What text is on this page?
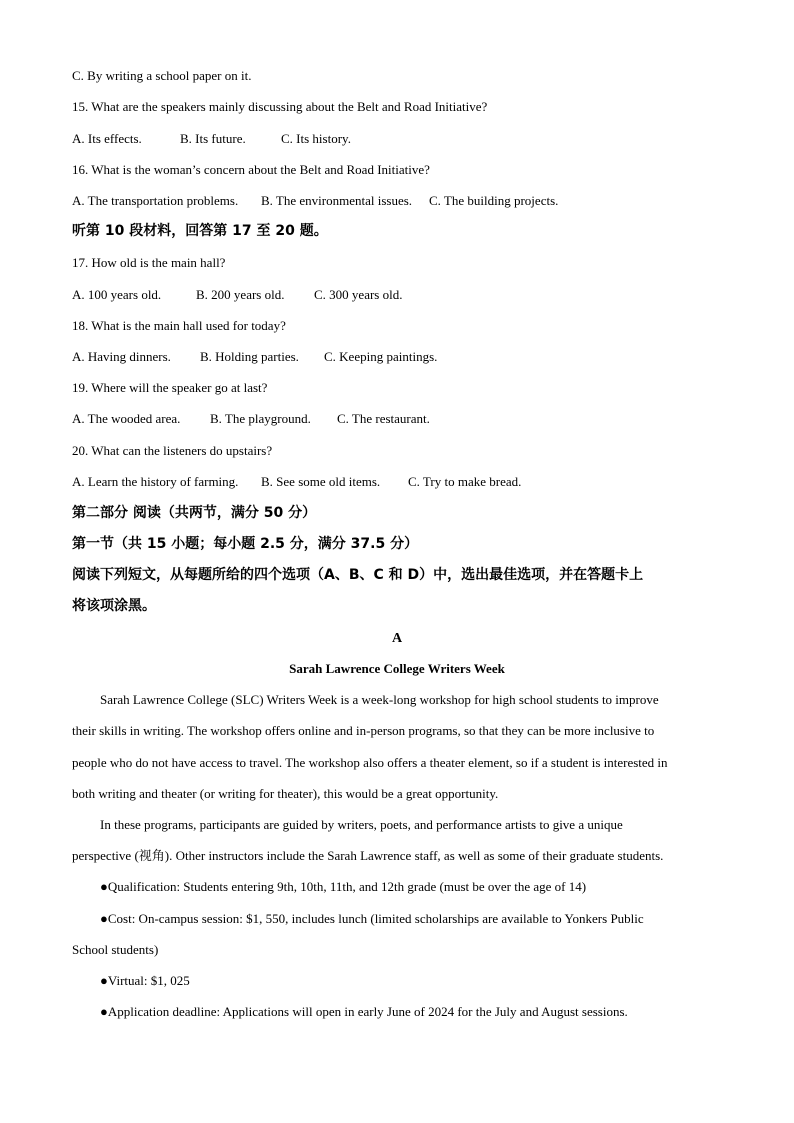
C. By writing a school paper on it.
15. What are the speakers mainly discussing about the Belt and Road Initiative?
A. Its effects.	B. Its future.	C. Its history.
16. What is the woman’s concern about the Belt and Road Initiative?
A. The transportation problems. B. The environmental issues. C. The building projects.
听第 10 段材料，回答第 17 至 20 题。
17. How old is the main hall?
A. 100 years old.	B. 200 years old. C. 300 years old.
18. What is the main hall used for today?
A. Having dinners. B. Holding parties. C. Keeping paintings.
19. Where will the speaker go at last?
A. The wooded area. B. The playground. C. The restaurant.
20. What can the listeners do upstairs?
A. Learn the history of farming. B. See some old items. C. Try to make bread.
第二部分 阅读（共两节，满分 50 分）
第一节（共 15 小题；每小题 2.5 分，满分 37.5 分）
阅读下列短文，从每题所给的四个选项（A、B、C 和 D）中，选出最佳选项，并在答题卡上
将该项涂黑。
A
Sarah Lawrence College Writers Week
Sarah Lawrence College (SLC) Writers Week is a week-long workshop for high school students to improve
their skills in writing. The workshop offers online and in-person programs, so that they can be more inclusive to
people who do not have access to travel. The workshop also offers a theater element, so if a student is interested in
both writing and theater (or writing for theater), this would be a great opportunity.
In these programs, participants are guided by writers, poets, and performance artists to give a unique
perspective (视角). Other instructors include the Sarah Lawrence staff, as well as some of their graduate students.
●Qualification: Students entering 9th, 10th, 11th, and 12th grade (must be over the age of 14)
●Cost: On-campus session: $1, 550, includes lunch (limited scholarships are available to Yonkers Public
School students)
●Virtual: $1, 025
●Application deadline: Applications will open in early June of 2024 for the July and August sessions.
